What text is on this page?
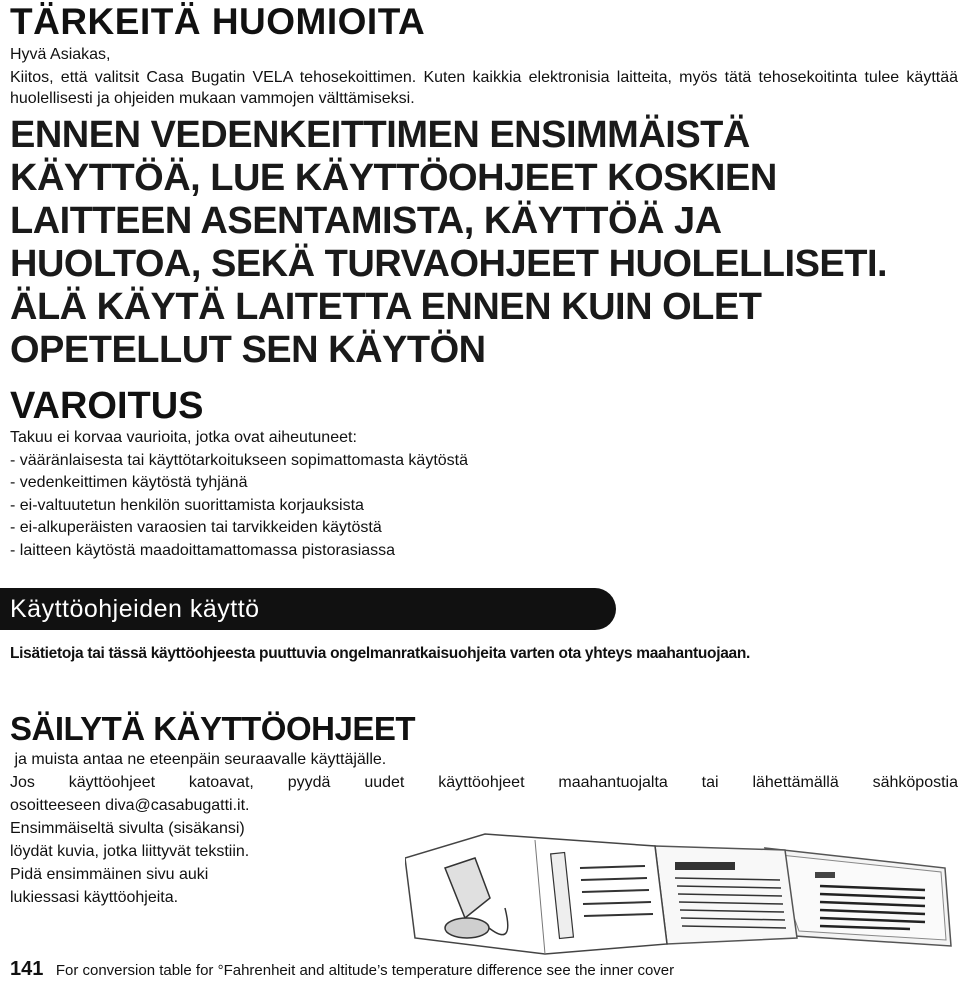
TÄRKEITÄ HUOMIOITA
Hyvä Asiakas,
Kiitos, että valitsit Casa Bugatin VELA tehosekoittimen. Kuten kaikkia elektronisia laitteita, myös tätä tehosekoitinta tulee käyttää huolellisesti ja ohjeiden mukaan vammojen välttämiseksi.
ENNEN VEDENKEITTIMEN ENSIMMÄISTÄ KÄYTTÖÄ, LUE KÄYTTÖOHJEET KOSKIEN LAITTEEN ASENTAMISTA, KÄYTTÖÄ JA HUOLTOA, SEKÄ TURVAOHJEET HUOLELLISETI. ÄLÄ KÄYTÄ LAITETTA ENNEN KUIN OLET OPETELLUT SEN KÄYTÖN
VAROITUS
Takuu ei korvaa vaurioita, jotka ovat aiheutuneet:
- vääränlaisesta tai käyttötarkoitukseen sopimattomasta käytöstä
- vedenkeittimen käytöstä tyhjänä
- ei-valtuutetun henkilön suorittamista korjauksista
- ei-alkuperäisten varaosien tai tarvikkeiden käytöstä
- laitteen käytöstä maadoittamattomassa pistorasiassa
Käyttöohjeiden käyttö
Lisätietoja tai tässä käyttöohjeesta puuttuvia ongelmanratkaisuohjeita varten ota yhteys maahantuojaan.
SÄILYTÄ KÄYTTÖOHJEET

ja muista antaa ne eteenpäin seuraavalle käyttäjälle.

Jos käyttöohjeet katoavat, pyydä uudet käyttöohjeet maahantuojalta tai lähettämällä sähköpostia

osoitteeseen diva@casabugatti.it.

Ensimmäiseltä sivulta (sisäkansi)

löydät kuvia, jotka liittyvät tekstiin.

Pidä ensimmäinen sivu auki

lukiessasi käyttöohjeita.

141 For conversion table for °Fahrenheit and altitude’s temperature difference see the inner cover
